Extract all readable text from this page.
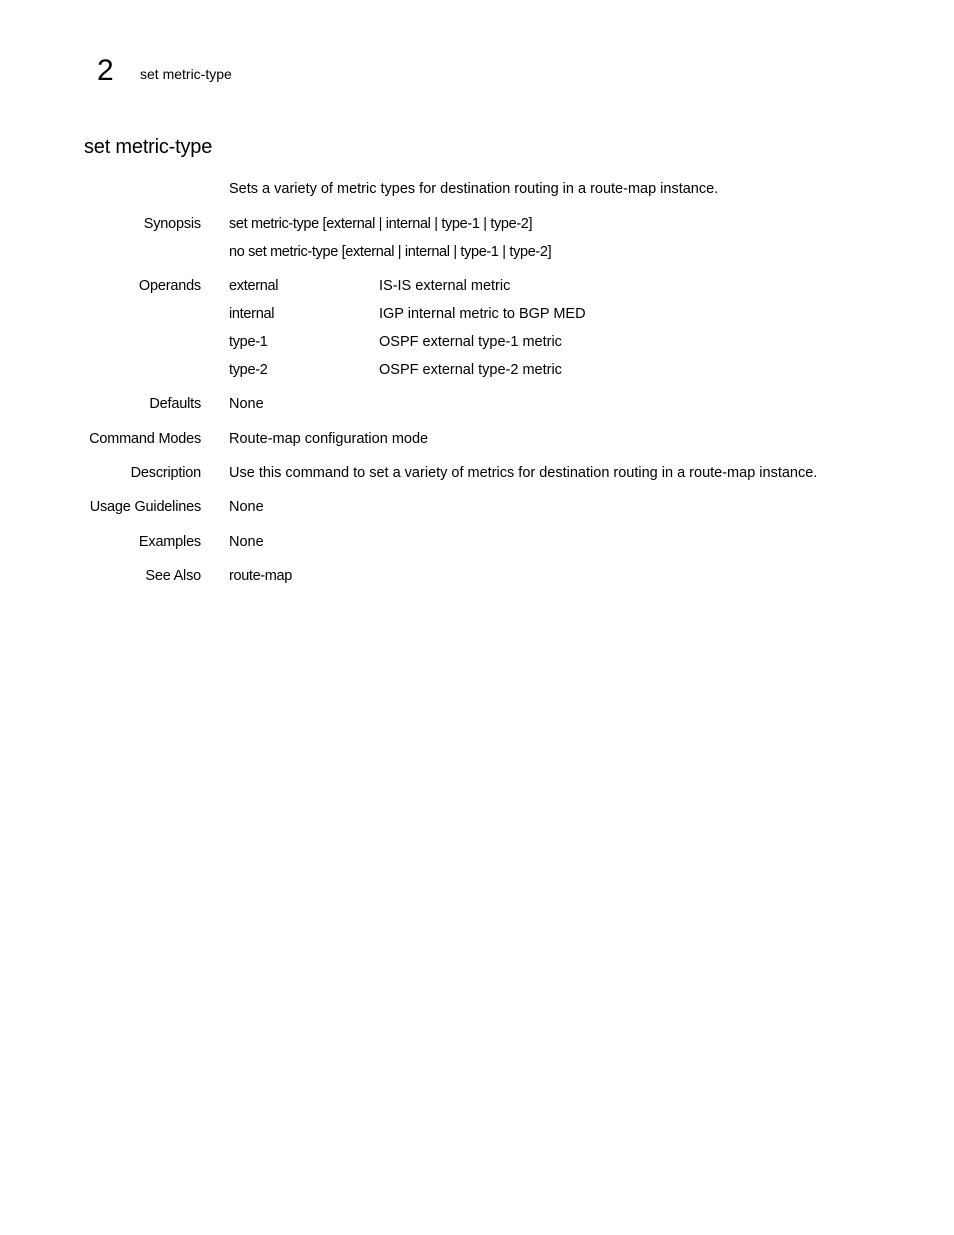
2 set metric-type
set metric-type
Sets a variety of metric types for destination routing in a route-map instance.
Synopsis set metric-type [external | internal | type-1 | type-2]
no set metric-type [external | internal | type-1 | type-2]
Operands external	IS-IS external metric
internal	IGP internal metric to BGP MED
type-1	OSPF external type-1 metric
type-2	OSPF external type-2 metric
Defaults None
Command Modes Route-map configuration mode
Description Use this command to set a variety of metrics for destination routing in a route-map instance.
Usage Guidelines None
Examples None
See Also route-map
